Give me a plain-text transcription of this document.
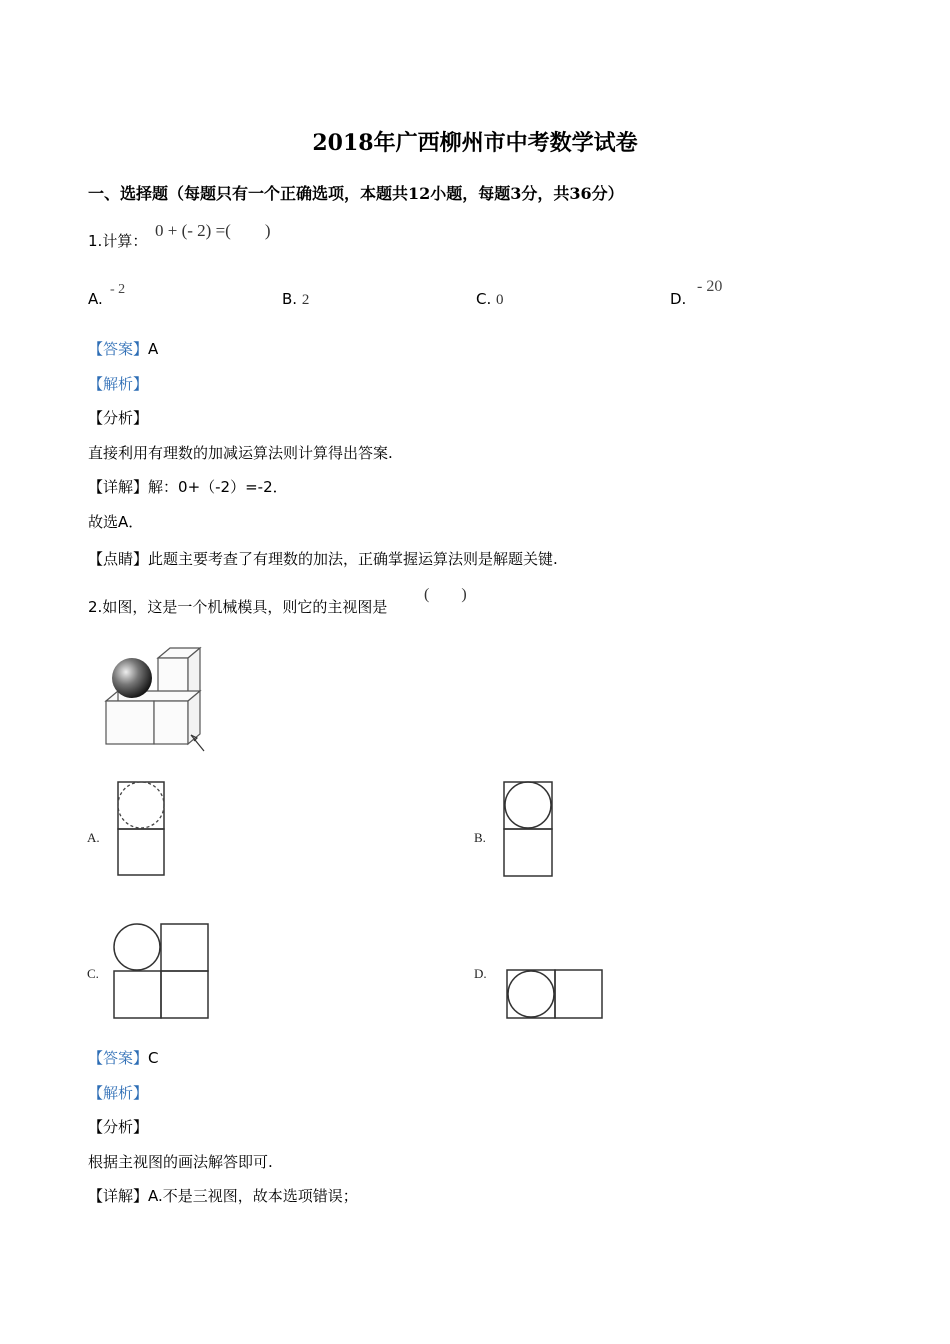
2018年广西柳州市中考数学试卷
一、选择题（每题只有一个正确选项，本题共12小题，每题3分，共36分）
1.计算：
0 + (- 2) =(　　)
A.
- 2
B. 2	C. 0	D.
- 20
【答案】A
【解析】
【分析】
直接利用有理数的加减运算法则计算得出答案.
【详解】解：0+（-2）=-2．
故选A．
【点睛】此题主要考查了有理数的加法，正确掌握运算法则是解题关键.
2.如图，这是一个机械模具，则它的主视图是
(　　)
A.	B.
C.	D.
【答案】C
【解析】
【分析】
根据主视图的画法解答即可.
【详解】A.不是三视图，故本选项错误；
